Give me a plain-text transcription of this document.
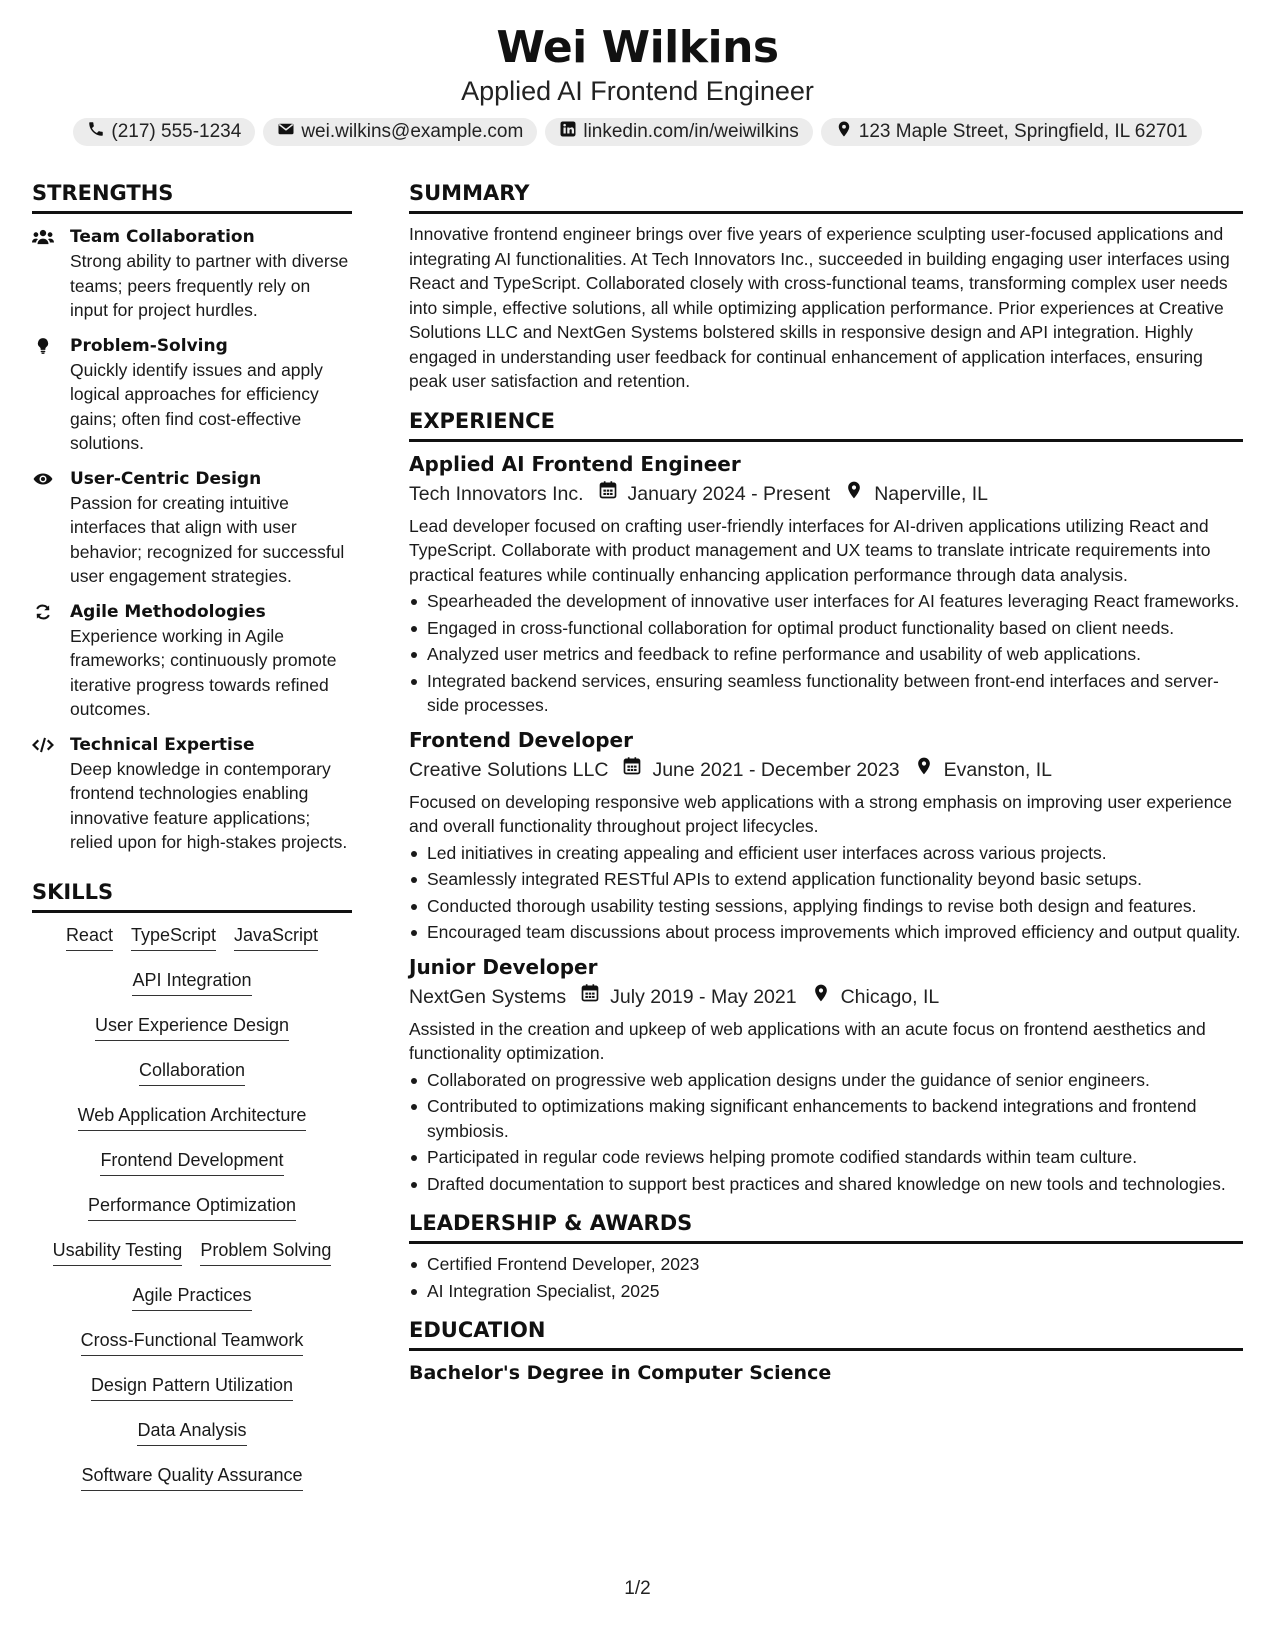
Wei Wilkins
Applied AI Frontend Engineer
(217) 555-1234	wei.wilkins@example.com	linkedin.com/in/weiwilkins	123 Maple Street, Springfield, IL 62701
STRENGTHS
Team Collaboration
Strong ability to partner with diverse teams; peers frequently rely on input for project hurdles.
Problem-Solving
Quickly identify issues and apply logical approaches for efficiency gains; often find cost-effective solutions.
User-Centric Design
Passion for creating intuitive interfaces that align with user behavior; recognized for successful user engagement strategies.
Agile Methodologies
Experience working in Agile frameworks; continuously promote iterative progress towards refined outcomes.
Technical Expertise
Deep knowledge in contemporary frontend technologies enabling innovative feature applications; relied upon for high-stakes projects.
SKILLS
React TypeScript JavaScript
API Integration
User Experience Design
Collaboration
Web Application Architecture
Frontend Development
Performance Optimization
Usability Testing Problem Solving
Agile Practices
Cross-Functional Teamwork
Design Pattern Utilization
Data Analysis
Software Quality Assurance
SUMMARY
Innovative frontend engineer brings over five years of experience sculpting user-focused applications and integrating AI functionalities. At Tech Innovators Inc., succeeded in building engaging user interfaces using React and TypeScript. Collaborated closely with cross-functional teams, transforming complex user needs into simple, effective solutions, all while optimizing application performance. Prior experiences at Creative Solutions LLC and NextGen Systems bolstered skills in responsive design and API integration. Highly engaged in understanding user feedback for continual enhancement of application interfaces, ensuring peak user satisfaction and retention.
EXPERIENCE
Applied AI Frontend Engineer
Tech Innovators Inc. January 2024 - Present Naperville, IL
Lead developer focused on crafting user-friendly interfaces for AI-driven applications utilizing React and TypeScript. Collaborate with product management and UX teams to translate intricate requirements into practical features while continually enhancing application performance through data analysis.
Spearheaded the development of innovative user interfaces for AI features leveraging React frameworks.
Engaged in cross-functional collaboration for optimal product functionality based on client needs.
Analyzed user metrics and feedback to refine performance and usability of web applications.
Integrated backend services, ensuring seamless functionality between front-end interfaces and server-side processes.
Frontend Developer
Creative Solutions LLC June 2021 - December 2023 Evanston, IL
Focused on developing responsive web applications with a strong emphasis on improving user experience and overall functionality throughout project lifecycles.
Led initiatives in creating appealing and efficient user interfaces across various projects.
Seamlessly integrated RESTful APIs to extend application functionality beyond basic setups.
Conducted thorough usability testing sessions, applying findings to revise both design and features.
Encouraged team discussions about process improvements which improved efficiency and output quality.
Junior Developer
NextGen Systems July 2019 - May 2021 Chicago, IL
Assisted in the creation and upkeep of web applications with an acute focus on frontend aesthetics and functionality optimization.
Collaborated on progressive web application designs under the guidance of senior engineers.
Contributed to optimizations making significant enhancements to backend integrations and frontend symbiosis.
Participated in regular code reviews helping promote codified standards within team culture.
Drafted documentation to support best practices and shared knowledge on new tools and technologies.
LEADERSHIP & AWARDS
Certified Frontend Developer, 2023
AI Integration Specialist, 2025
EDUCATION
Bachelor's Degree in Computer Science
1/2
